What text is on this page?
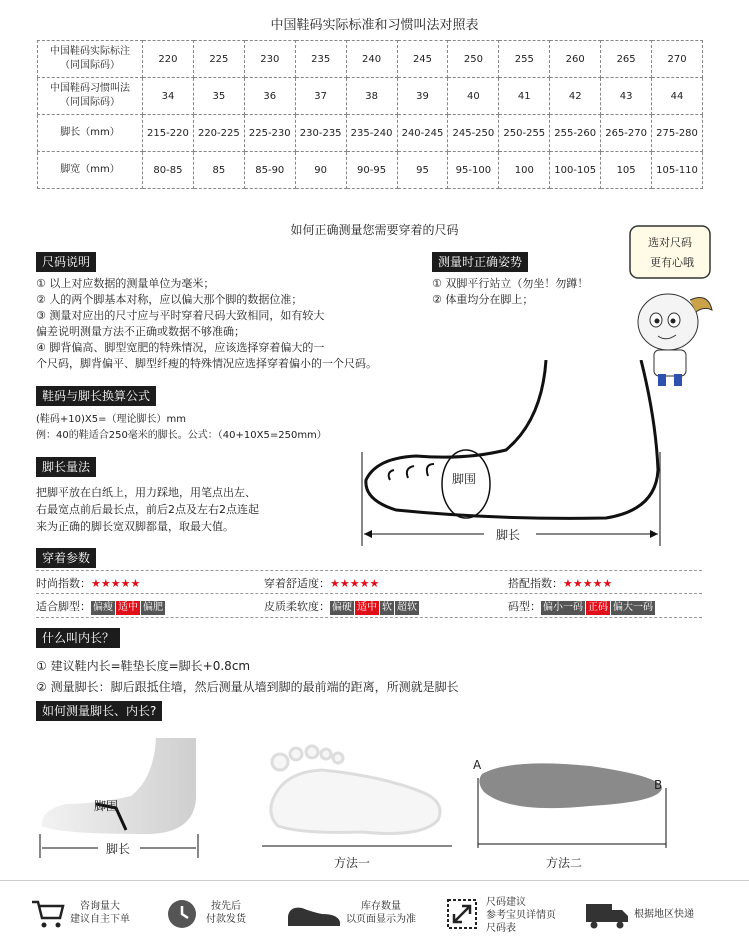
中国鞋码实际标准和习惯叫法对照表
中国鞋码实际标注
（同国际码）	220	225	230	235	240	245	250	255	260	265	270

中国鞋码习惯叫法
（同国际码）	34	35	36	37	38	39	40	41	42	43	44

脚长（mm）	215-220	220-225	225-230	230-235	235-240	240-245	245-250	250-255	255-260	265-270	275-280

脚宽（mm）	80-85	85	85-90	90	90-95	95	95-100	100	100-105	105	105-110
如何正确测量您需要穿着的尺码
尺码说明
① 以上对应数据的测量单位为毫米；
② 人的两个脚基本对称，应以偏大那个脚的数据位准；
③ 测量对应出的尺寸应与平时穿着尺码大致相同，如有较大
偏差说明测量方法不正确或数据不够准确；
④ 脚背偏高、脚型宽肥的特殊情况，应该选择穿着偏大的一
个尺码，脚背偏平、脚型纤瘦的特殊情况应选择穿着偏小的一个尺码。
测量时正确姿势
① 双脚平行站立（勿坐！勿蹲！
② 体重均分在脚上；
选对尺码
更有心哦
鞋码与脚长换算公式
(鞋码+10)X5=（理论脚长）mm
例：40的鞋适合250毫米的脚长。公式：（40+10X5=250mm）
脚长量法
把脚平放在白纸上，用力踩地，用笔点出左、
右最宽点前后最长点，前后2点及左右2点连起
来为正确的脚长宽双脚都量，取最大值。
脚围
脚长
穿着参数
时尚指数：★★★★★	穿着舒适度：★★★★★	搭配指数：★★★★★
适合脚型： 偏瘦 适中 偏肥	皮质柔软度： 偏硬 适中 软 超软	码型： 偏小一码 正码 偏大一码
什么叫内长？
① 建议鞋内长=鞋垫长度=脚长+0.8cm
② 测量脚长：脚后跟抵住墙，然后测量从墙到脚的最前端的距离，所测就是脚长
如何测量脚长、内长?
脚围
脚长
方法一
A
B
方法二
咨询量大
建议自主下单
按先后
付款发货
库存数量
以页面显示为准
尺码建议
参考宝贝详情页
尺码表
根据地区快递
